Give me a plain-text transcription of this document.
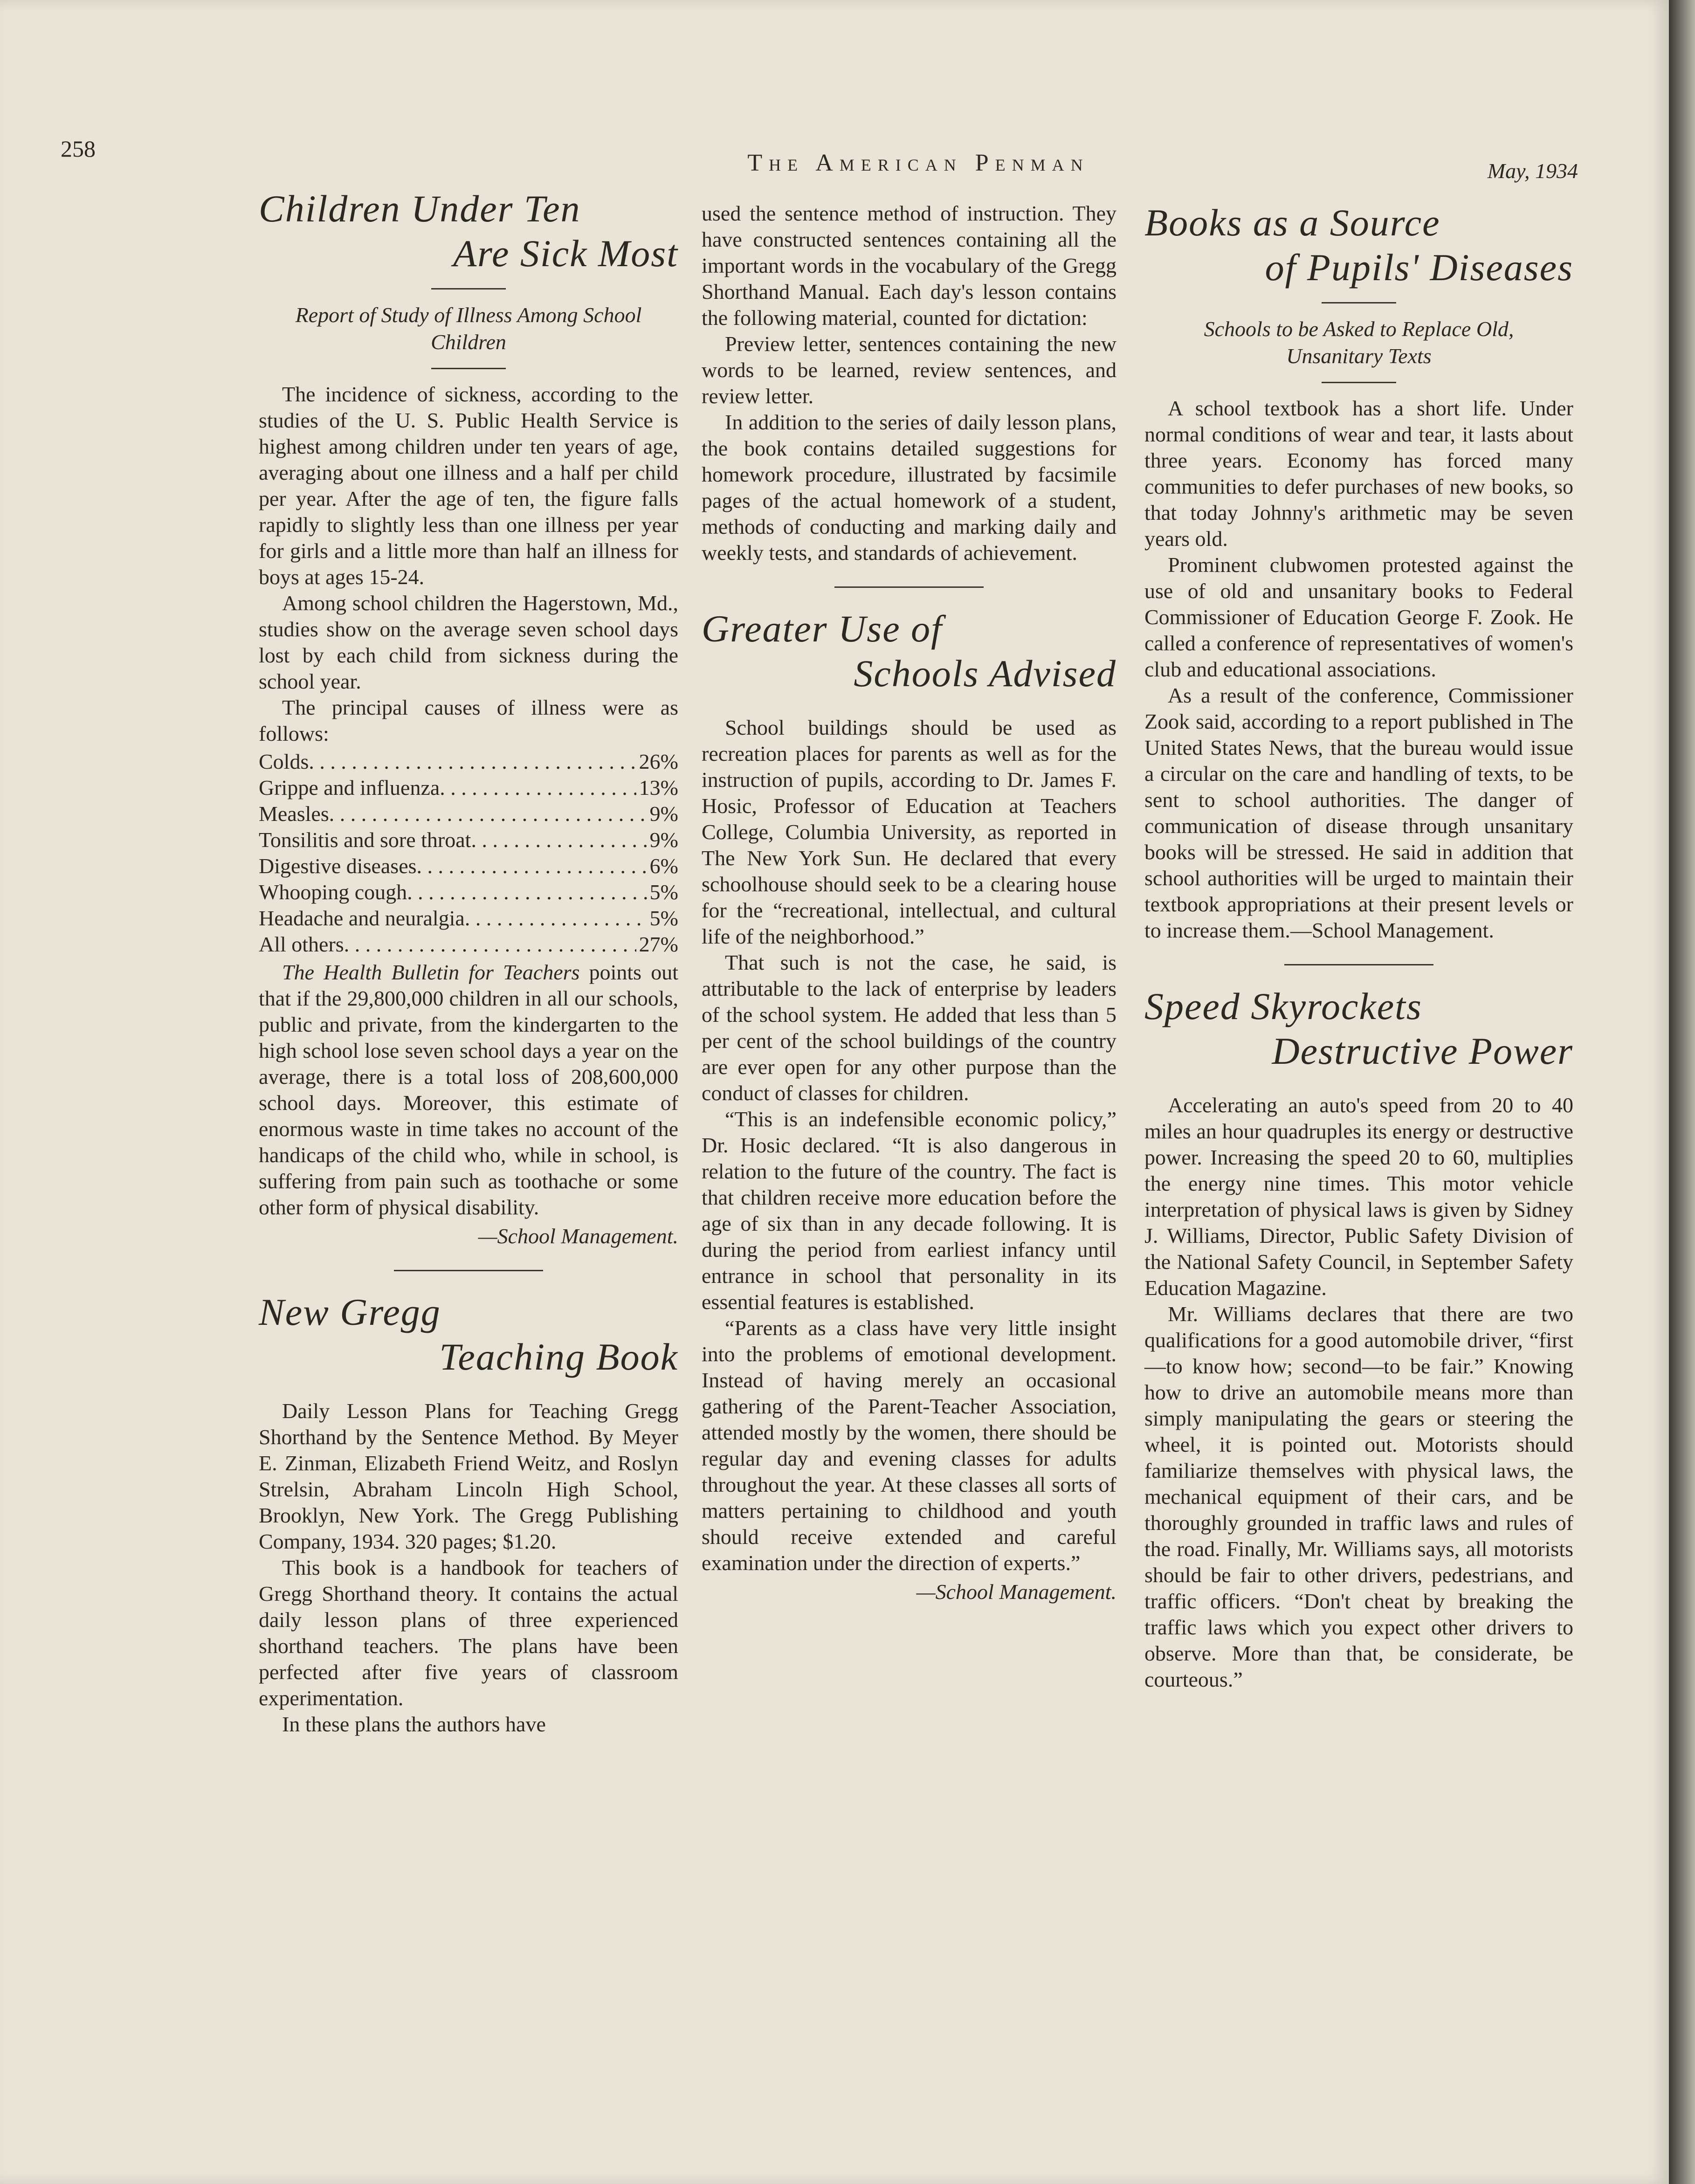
258
The American Penman	May, 1934
Children Under Ten
Are Sick Most
Report of Study of Illness Among School Children

The incidence of sickness, according to the studies of the U. S. Public Health Service is highest among children under ten years of age, averaging about one illness and a half per child per year. After the age of ten, the figure falls rapidly to slightly less than one illness per year for girls and a little more than half an illness for boys at ages 15-24.

Among school children the Hagerstown, Md., studies show on the average seven school days lost by each child from sickness during the school year.

The principal causes of illness were as follows:

Colds . . .	26%
Grippe and influenza . . .	13%
Measles . . .	9%
Tonsilitis and sore throat . . .	9%
Digestive diseases . . .	6%
Whooping cough . . .	5%
Headache and neuralgia . . .	5%
All others . . .	27%

The Health Bulletin for Teachers points out that if the 29,800,000 children in all our schools, public and private, from the kindergarten to the high school lose seven school days a year on the average, there is a total loss of 208,600,000 school days. Moreover, this estimate of enormous waste in time takes no account of the handicaps of the child who, while in school, is suffering from pain such as toothache or some other form of physical disability.

—School Management.
New Gregg
Teaching Book

Daily Lesson Plans for Teaching Gregg Shorthand by the Sentence Method. By Meyer E. Zinman, Elizabeth Friend Weitz, and Roslyn Strelsin, Abraham Lincoln High School, Brooklyn, New York. The Gregg Publishing Company, 1934. 320 pages; $1.20.

This book is a handbook for teachers of Gregg Shorthand theory. It contains the actual daily lesson plans of three experienced shorthand teachers. The plans have been perfected after five years of classroom experimentation.

In these plans the authors have

used the sentence method of instruction. They have constructed sentences containing all the important words in the vocabulary of the Gregg Shorthand Manual. Each day's lesson contains the following material, counted for dictation:

Preview letter, sentences containing the new words to be learned, review sentences, and review letter.

In addition to the series of daily lesson plans, the book contains detailed suggestions for homework procedure, illustrated by facsimile pages of the actual homework of a student, methods of conducting and marking daily and weekly tests, and standards of achievement.

Greater Use of
Schools Advised

School buildings should be used as recreation places for parents as well as for the instruction of pupils, according to Dr. James F. Hosic, Professor of Education at Teachers College, Columbia University, as reported in The New York Sun. He declared that every schoolhouse should seek to be a clearing house for the “recreational, intellectual, and cultural life of the neighborhood.”

That such is not the case, he said, is attributable to the lack of enterprise by leaders of the school system. He added that less than 5 per cent of the school buildings of the country are ever open for any other purpose than the conduct of classes for children.

“This is an indefensible economic policy,” Dr. Hosic declared. “It is also dangerous in relation to the future of the country. The fact is that children receive more education before the age of six than in any decade following. It is during the period from earliest infancy until entrance in school that personality in its essential features is established.

“Parents as a class have very little insight into the problems of emotional development. Instead of having merely an occasional gathering of the Parent-Teacher Association, attended mostly by the women, there should be regular day and evening classes for adults throughout the year. At these classes all sorts of matters pertaining to childhood and youth should receive extended and careful examination under the direction of experts.”

—School Management.
Books as a Source
of Pupils' Diseases
Schools to be Asked to Replace Old, Unsanitary Texts

A school textbook has a short life. Under normal conditions of wear and tear, it lasts about three years. Economy has forced many communities to defer purchases of new books, so that today Johnny's arithmetic may be seven years old.

Prominent clubwomen protested against the use of old and unsanitary books to Federal Commissioner of Education George F. Zook. He called a conference of representatives of women's club and educational associations.

As a result of the conference, Commissioner Zook said, according to a report published in The United States News, that the bureau would issue a circular on the care and handling of texts, to be sent to school authorities. The danger of communication of disease through unsanitary books will be stressed. He said in addition that school authorities will be urged to maintain their textbook appropriations at their present levels or to increase them.—School Management.

Speed Skyrockets
Destructive Power

Accelerating an auto's speed from 20 to 40 miles an hour quadruples its energy or destructive power. Increasing the speed 20 to 60, multiplies the energy nine times. This motor vehicle interpretation of physical laws is given by Sidney J. Williams, Director, Public Safety Division of the National Safety Council, in September Safety Education Magazine.

Mr. Williams declares that there are two qualifications for a good automobile driver, “first—to know how; second—to be fair.” Knowing how to drive an automobile means more than simply manipulating the gears or steering the wheel, it is pointed out. Motorists should familiarize themselves with physical laws, the mechanical equipment of their cars, and be thoroughly grounded in traffic laws and rules of the road. Finally, Mr. Williams says, all motorists should be fair to other drivers, pedestrians, and traffic officers. “Don't cheat by breaking the traffic laws which you expect other drivers to observe. More than that, be considerate, be courteous.”
